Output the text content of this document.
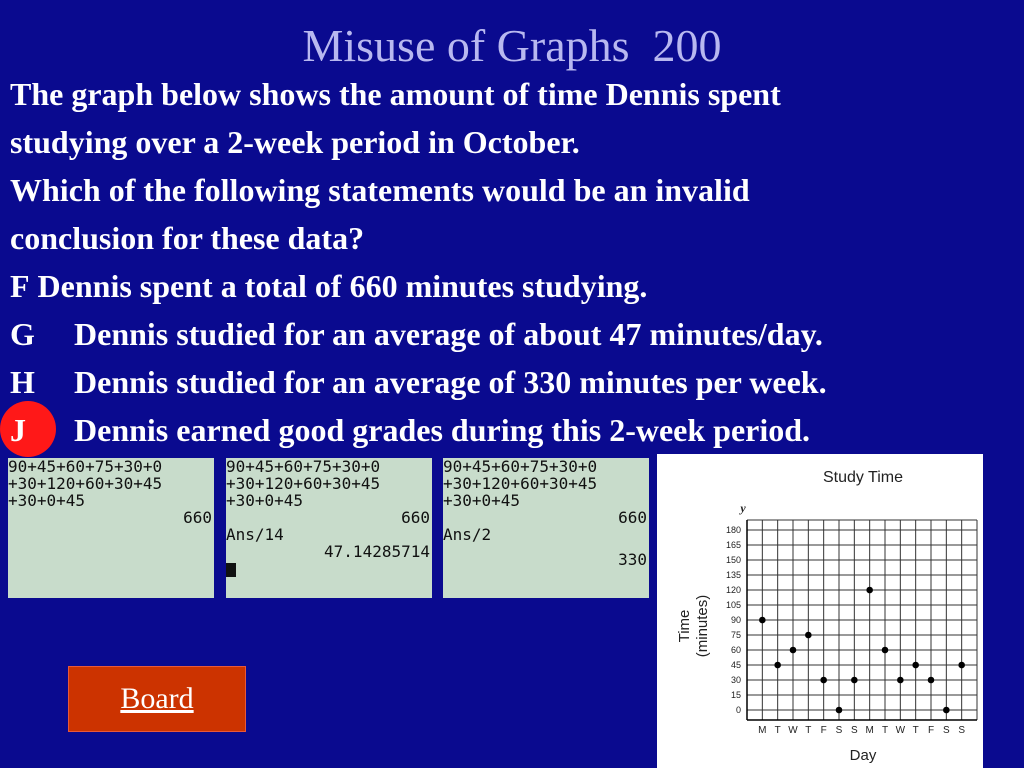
Misuse of Graphs  200
The graph below shows the amount of time Dennis spent
studying over a 2-week period in October.
Which of the following statements would be an invalid
conclusion for these data?
F Dennis spent a total of 660 minutes studying.
G	Dennis studied for an average of about 47 minutes/day.
H	Dennis studied for an average of 330 minutes per week.
J	Dennis earned good grades during this 2-week period.
90+45+60+75+30+0
+30+120+60+30+45
+30+0+45
660
90+45+60+75+30+0
+30+120+60+30+45
+30+0+45
660
Ans/14
47.14285714
90+45+60+75+30+0
+30+120+60+30+45
+30+0+45
660
Ans/2
330
Board
Study Time
y
Day
Time (minutes)
0
15
30
45
60
75
90
105
120
135
150
165
180
M T W T F S S M T W T F S S
